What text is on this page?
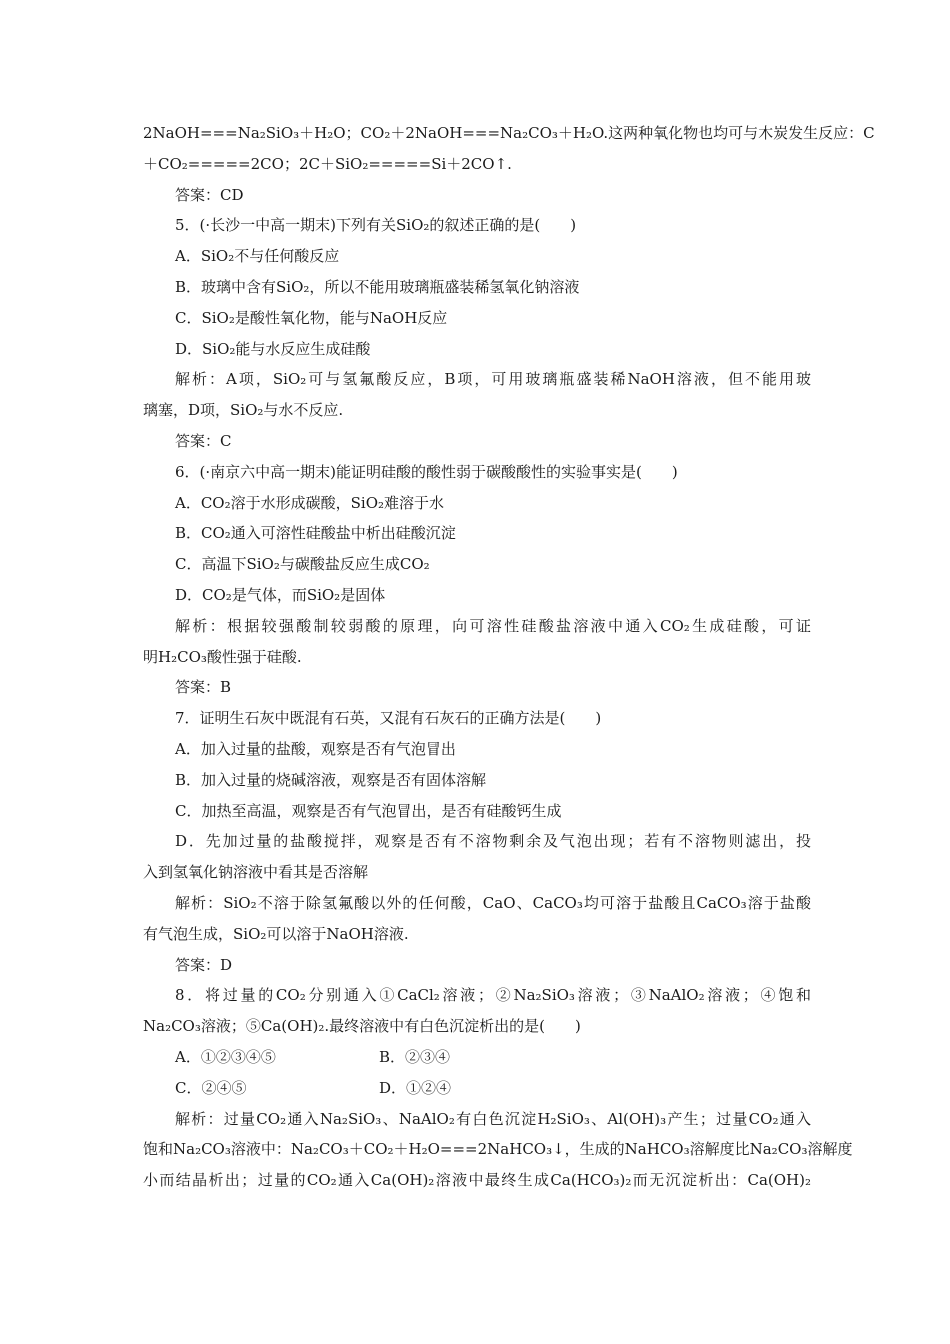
2NaOH===Na₂SiO₃＋H₂O；CO₂＋2NaOH===Na₂CO₃＋H₂O.这两种氧化物也均可与木炭发生反应：C
＋CO₂=====2CO；2C＋SiO₂=====Si＋2CO↑.
答案：CD
5．(·长沙一中高一期末)下列有关SiO₂的叙述正确的是(　　)
A．SiO₂不与任何酸反应
B．玻璃中含有SiO₂，所以不能用玻璃瓶盛装稀氢氧化钠溶液
C．SiO₂是酸性氧化物，能与NaOH反应
D．SiO₂能与水反应生成硅酸
解析：A项，SiO₂可与氢氟酸反应，B项，可用玻璃瓶盛装稀NaOH溶液，但不能用玻
璃塞，D项，SiO₂与水不反应.
答案：C
6．(·南京六中高一期末)能证明硅酸的酸性弱于碳酸酸性的实验事实是(　　)
A．CO₂溶于水形成碳酸，SiO₂难溶于水
B．CO₂通入可溶性硅酸盐中析出硅酸沉淀
C．高温下SiO₂与碳酸盐反应生成CO₂
D．CO₂是气体，而SiO₂是固体
解析：根据较强酸制较弱酸的原理，向可溶性硅酸盐溶液中通入CO₂生成硅酸，可证
明H₂CO₃酸性强于硅酸.
答案：B
7．证明生石灰中既混有石英，又混有石灰石的正确方法是(　　)
A．加入过量的盐酸，观察是否有气泡冒出
B．加入过量的烧碱溶液，观察是否有固体溶解
C．加热至高温，观察是否有气泡冒出，是否有硅酸钙生成
D．先加过量的盐酸搅拌，观察是否有不溶物剩余及气泡出现；若有不溶物则滤出，投
入到氢氧化钠溶液中看其是否溶解
解析：SiO₂不溶于除氢氟酸以外的任何酸，CaO、CaCO₃均可溶于盐酸且CaCO₃溶于盐酸
有气泡生成，SiO₂可以溶于NaOH溶液.
答案：D
8．将过量的CO₂分别通入①CaCl₂溶液；②Na₂SiO₃溶液；③NaAlO₂溶液；④饱和
Na₂CO₃溶液；⑤Ca(OH)₂.最终溶液中有白色沉淀析出的是(　　)
A．①②③④⑤	B．②③④
C．②④⑤	D．①②④
解析：过量CO₂通入Na₂SiO₃、NaAlO₂有白色沉淀H₂SiO₃、Al(OH)₃产生；过量CO₂通入
饱和Na₂CO₃溶液中：Na₂CO₃＋CO₂＋H₂O===2NaHCO₃↓，生成的NaHCO₃溶解度比Na₂CO₃溶解度
小而结晶析出；过量的CO₂通入Ca(OH)₂溶液中最终生成Ca(HCO₃)₂而无沉淀析出：Ca(OH)₂
